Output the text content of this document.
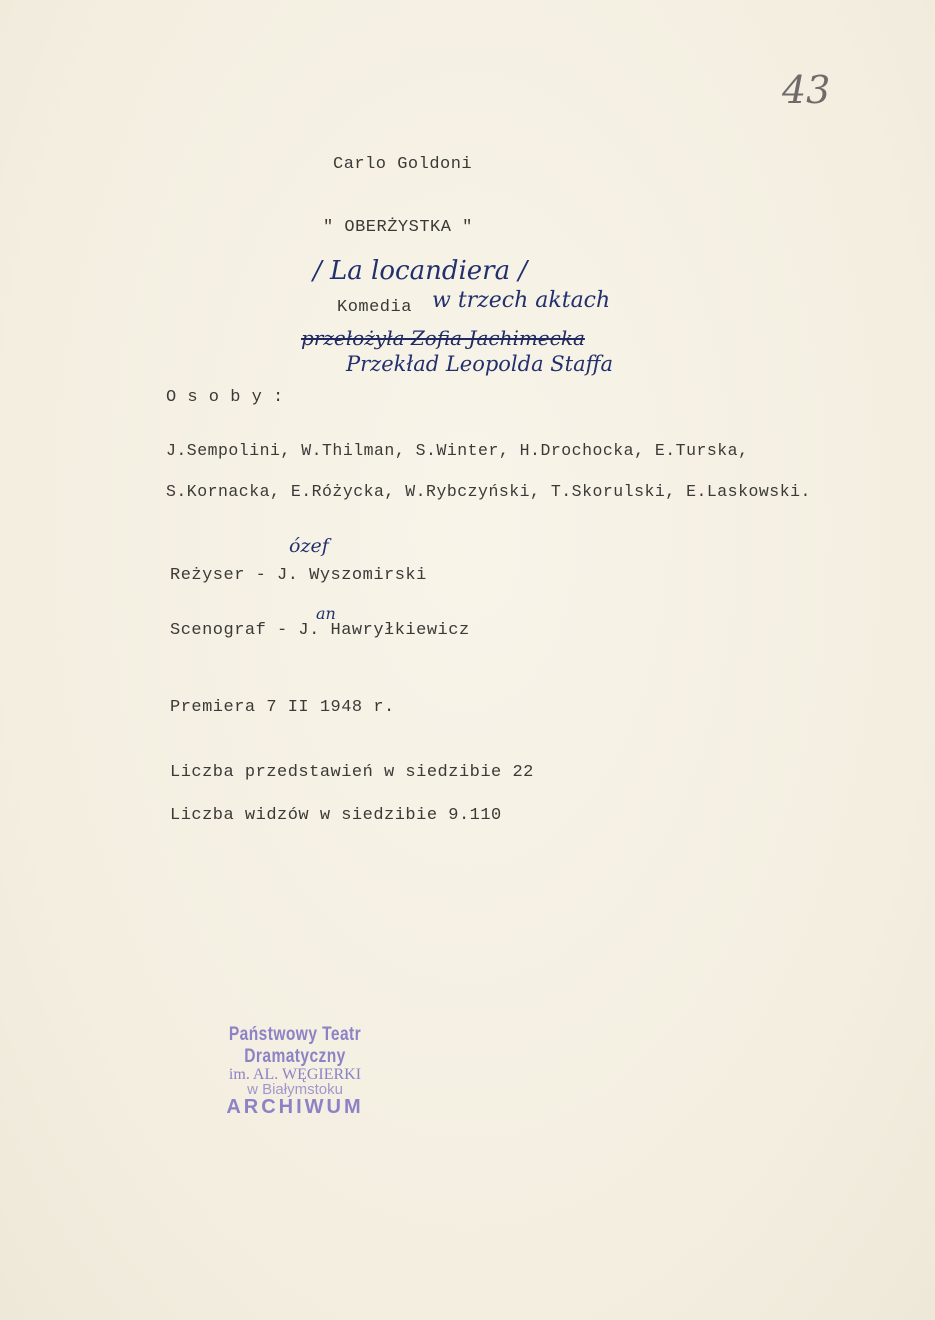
43
Carlo Goldoni
" OBERŻYSTKA "
/ La locandiera /
Komedia w trzech aktach
przełożyła Zofia Jachimecka
Przekład Leopolda Staffa
O s o b y :
J.Sempolini, W.Thilman, S.Winter, H.Drochocka, E.Turska,
S.Kornacka, E.Różycka, W.Rybczyński, T.Skorulski, E.Laskowski.
Reżyser - J. Wyszomirski
ózef
Scenograf - J. Hawryłkiewicz
an
Premiera 7 II 1948 r.
Liczba przedstawień w siedzibie 22
Liczba widzów w siedzibie 9.110
Państwowy Teatr Dramatyczny
im. AL. WĘGIERKI
w Białymstoku
ARCHIWUM
